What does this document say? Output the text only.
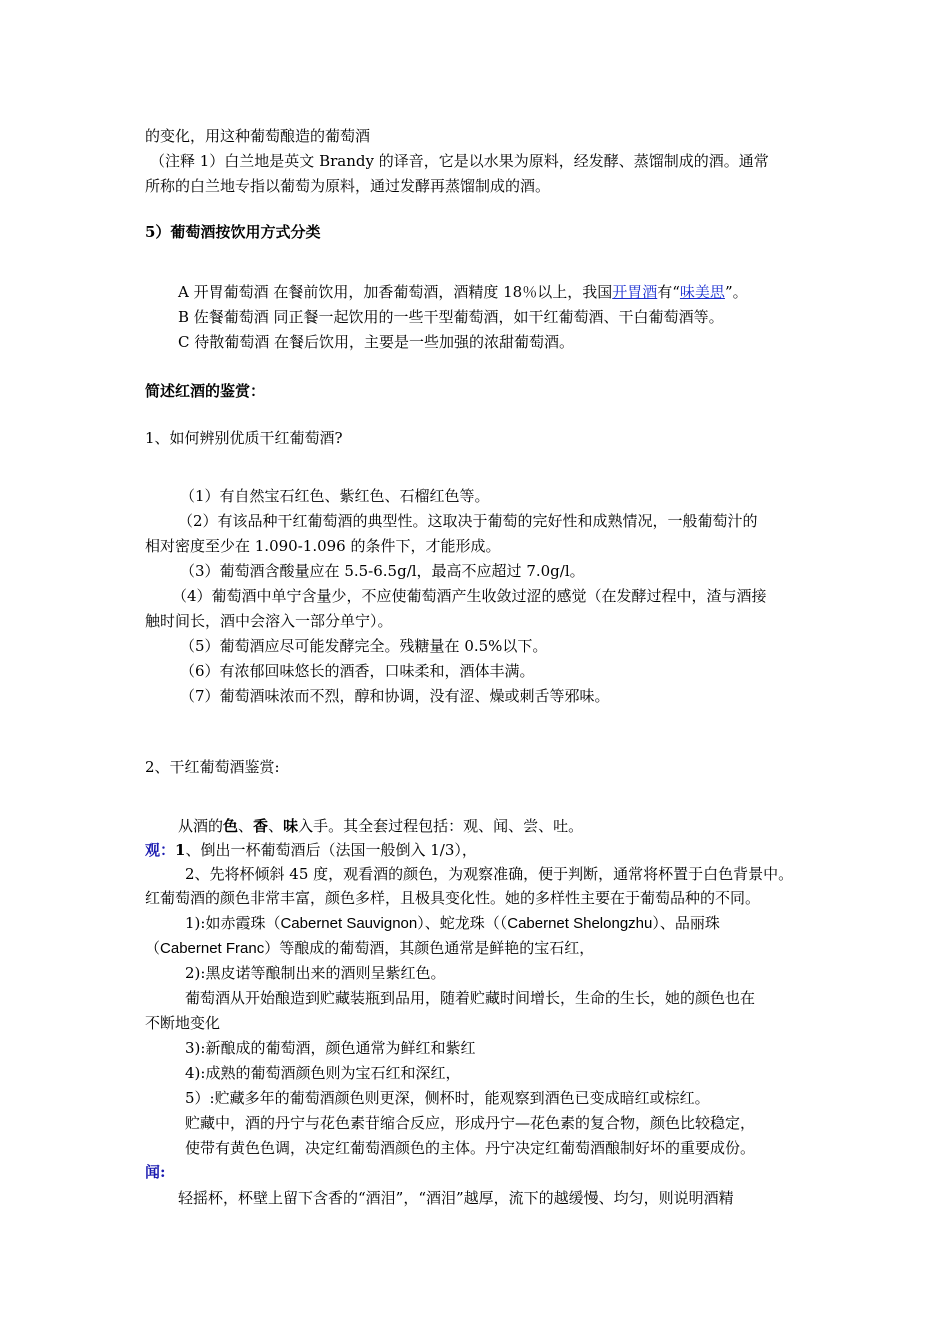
的变化，用这种葡萄酿造的葡萄酒
（注释 1）白兰地是英文 Brandy 的译音，它是以水果为原料，经发酵、蒸馏制成的酒。通常
所称的白兰地专指以葡萄为原料，通过发酵再蒸馏制成的酒。
5）葡萄酒按饮用方式分类
A 开胃葡萄酒 在餐前饮用，加香葡萄酒，酒精度 18％以上，我国开胃酒有“味美思”。
B 佐餐葡萄酒 同正餐一起饮用的一些干型葡萄酒，如干红葡萄酒、干白葡萄酒等。
C 待散葡萄酒 在餐后饮用，主要是一些加强的浓甜葡萄酒。
简述红酒的鉴赏：
1、如何辨别优质干红葡萄酒?
（1）有自然宝石红色、紫红色、石榴红色等。
（2）有该品种干红葡萄酒的典型性。这取决于葡萄的完好性和成熟情况，一般葡萄汁的
相对密度至少在 1.090-1.096 的条件下，才能形成。
（3）葡萄酒含酸量应在 5.5-6.5g/l，最高不应超过 7.0g/l。
（4）葡萄酒中单宁含量少，不应使葡萄酒产生收敛过涩的感觉（在发酵过程中，渣与酒接
触时间长，酒中会溶入一部分单宁）。
（5）葡萄酒应尽可能发酵完全。残糖量在 0.5%以下。
（6）有浓郁回味悠长的酒香，口味柔和，酒体丰满。
（7）葡萄酒味浓而不烈，醇和协调，没有涩、燥或刺舌等邪味。
2、干红葡萄酒鉴赏:
从酒的色、香、味入手。其全套过程包括：观、闻、尝、吐。
观：1、倒出一杯葡萄酒后（法国一般倒入 1/3），
2、先将杯倾斜 45 度，观看酒的颜色，为观察准确，便于判断，通常将杯置于白色背景中。
红葡萄酒的颜色非常丰富，颜色多样，且极具变化性。她的多样性主要在于葡萄品种的不同。
1):如赤霞珠（Cabernet Sauvignon）、蛇龙珠（（Cabernet Shelongzhu）、品丽珠
（Cabernet Franc）等酿成的葡萄酒，其颜色通常是鲜艳的宝石红，
2):黑皮诺等酿制出来的酒则呈紫红色。
葡萄酒从开始酿造到贮藏装瓶到品用，随着贮藏时间增长，生命的生长，她的颜色也在
不断地变化
3):新酿成的葡萄酒，颜色通常为鲜红和紫红
4):成熟的葡萄酒颜色则为宝石红和深红，
5）:贮藏多年的葡萄酒颜色则更深，侧杯时，能观察到酒色已变成暗红或棕红。
贮藏中，酒的丹宁与花色素苷缩合反应，形成丹宁—花色素的复合物，颜色比较稳定，
使带有黄色色调，决定红葡萄酒颜色的主体。丹宁决定红葡萄酒酿制好坏的重要成份。
闻:
轻摇杯，杯壁上留下含香的“酒泪”，“酒泪”越厚，流下的越缓慢、均匀，则说明酒精
